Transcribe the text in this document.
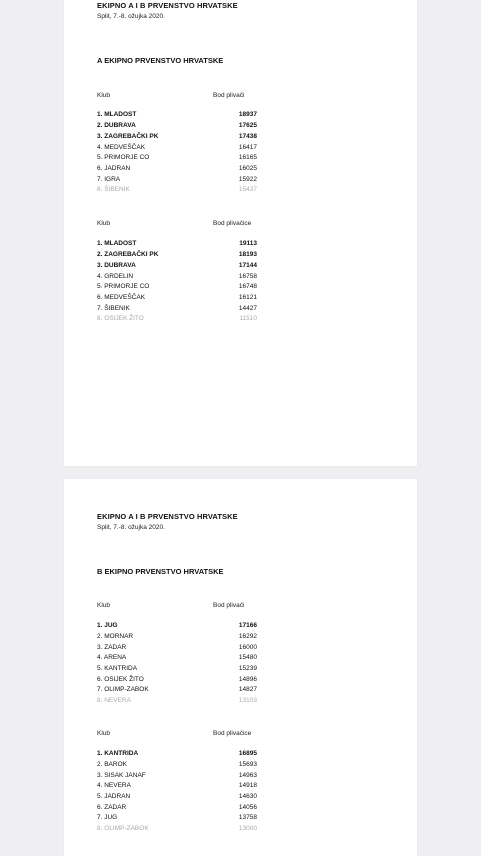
EKIPNO A I B PRVENSTVO HRVATSKE
Split, 7.-8. ožujka 2020.
A EKIPNO PRVENSTVO HRVATSKE
Klub	Bod plivači
1. MLADOST	18937
2. DUBRAVA	17625
3. ZAGREBAČKI PK	17438
4. MEDVEŠČAK	16417
5. PRIMORJE CO	16165
6. JADRAN	16025
7. IGRA	15922
8. ŠIBENIK	15437
Klub	Bod plivačice
1. MLADOST	19113
2. ZAGREBAČKI PK	18193
3. DUBRAVA	17144
4. GRDELIN	16758
5. PRIMORJE CO	16748
6. MEDVEŠČAK	16121
7. ŠIBENIK	14427
8. OSIJEK ŽITO	11510
EKIPNO A I B PRVENSTVO HRVATSKE
Split, 7.-8. ožujka 2020.
B EKIPNO PRVENSTVO HRVATSKE
Klub	Bod plivači
1. JUG	17166
2. MORNAR	16292
3. ZADAR	16000
4. ARENA	15480
5. KANTRIDA	15239
6. OSIJEK ŽITO	14896
7. OLIMP-ZABOK	14827
8. NEVERA	13103
Klub	Bod plivačice
1. KANTRIDA	16895
2. BAROK	15693
3. SISAK JANAF	14963
4. NEVERA	14918
5. JADRAN	14630
6. ZADAR	14056
7. JUG	13758
8. OLIMP-ZABOK	13000
